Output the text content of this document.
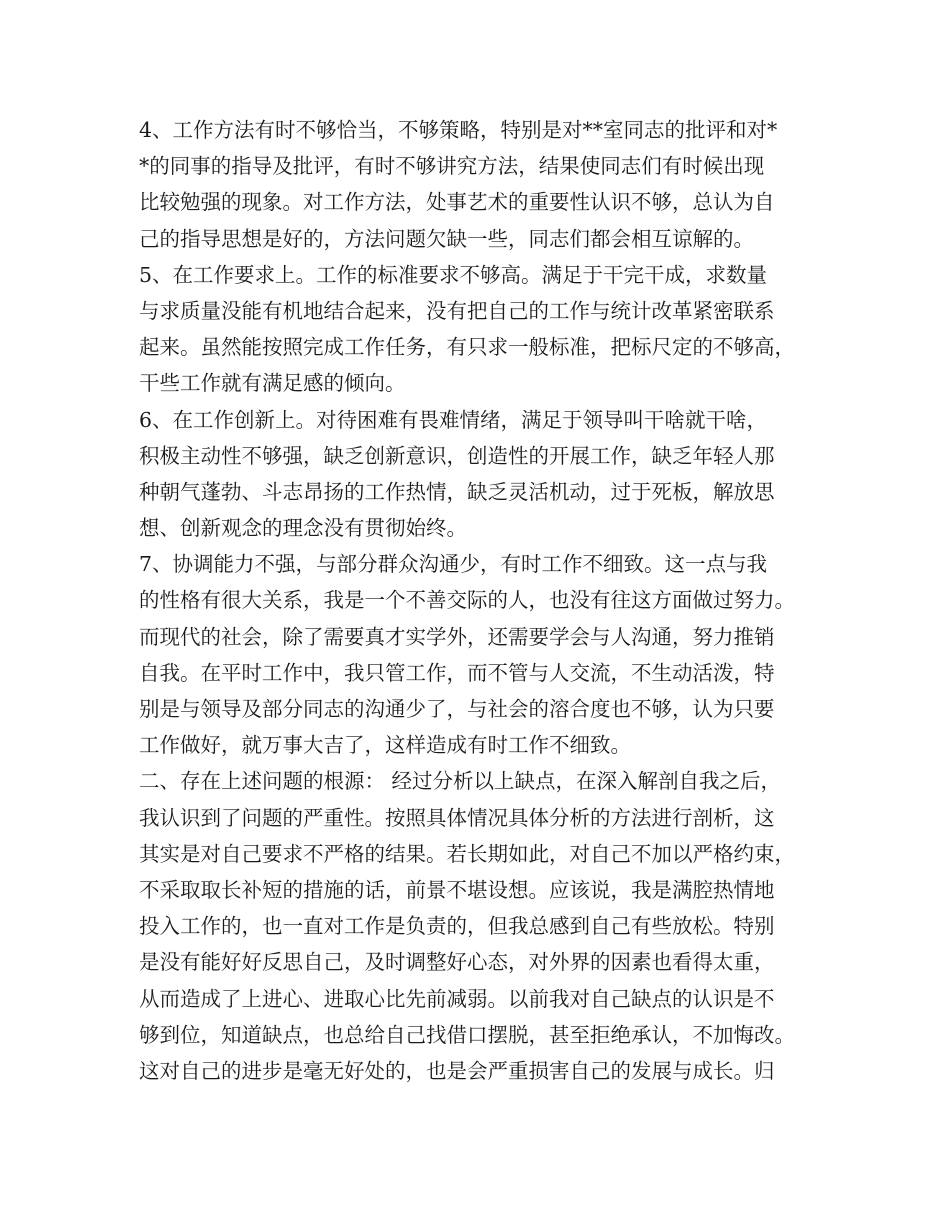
4、工作方法有时不够恰当，不够策略，特别是对**室同志的批评和对*
*的同事的指导及批评，有时不够讲究方法，结果使同志们有时候出现
比较勉强的现象。对工作方法，处事艺术的重要性认识不够，总认为自
己的指导思想是好的，方法问题欠缺一些，同志们都会相互谅解的。
5、在工作要求上。工作的标准要求不够高。满足于干完干成，求数量
与求质量没能有机地结合起来，没有把自己的工作与统计改革紧密联系
起来。虽然能按照完成工作任务，有只求一般标准，把标尺定的不够高，
干些工作就有满足感的倾向。
6、在工作创新上。对待困难有畏难情绪，满足于领导叫干啥就干啥，
积极主动性不够强，缺乏创新意识，创造性的开展工作，缺乏年轻人那
种朝气蓬勃、斗志昂扬的工作热情，缺乏灵活机动，过于死板，解放思
想、创新观念的理念没有贯彻始终。
7、协调能力不强，与部分群众沟通少，有时工作不细致。这一点与我
的性格有很大关系，我是一个不善交际的人，也没有往这方面做过努力。
而现代的社会，除了需要真才实学外，还需要学会与人沟通，努力推销
自我。在平时工作中，我只管工作，而不管与人交流，不生动活泼，特
别是与领导及部分同志的沟通少了，与社会的溶合度也不够，认为只要
工作做好，就万事大吉了，这样造成有时工作不细致。
二、存在上述问题的根源： 经过分析以上缺点，在深入解剖自我之后，
我认识到了问题的严重性。按照具体情况具体分析的方法进行剖析，这
其实是对自己要求不严格的结果。若长期如此，对自己不加以严格约束，
不采取取长补短的措施的话，前景不堪设想。应该说，我是满腔热情地
投入工作的，也一直对工作是负责的，但我总感到自己有些放松。特别
是没有能好好反思自己，及时调整好心态，对外界的因素也看得太重，
从而造成了上进心、进取心比先前减弱。以前我对自己缺点的认识是不
够到位，知道缺点，也总给自己找借口摆脱，甚至拒绝承认，不加悔改。
这对自己的进步是毫无好处的，也是会严重损害自己的发展与成长。归
